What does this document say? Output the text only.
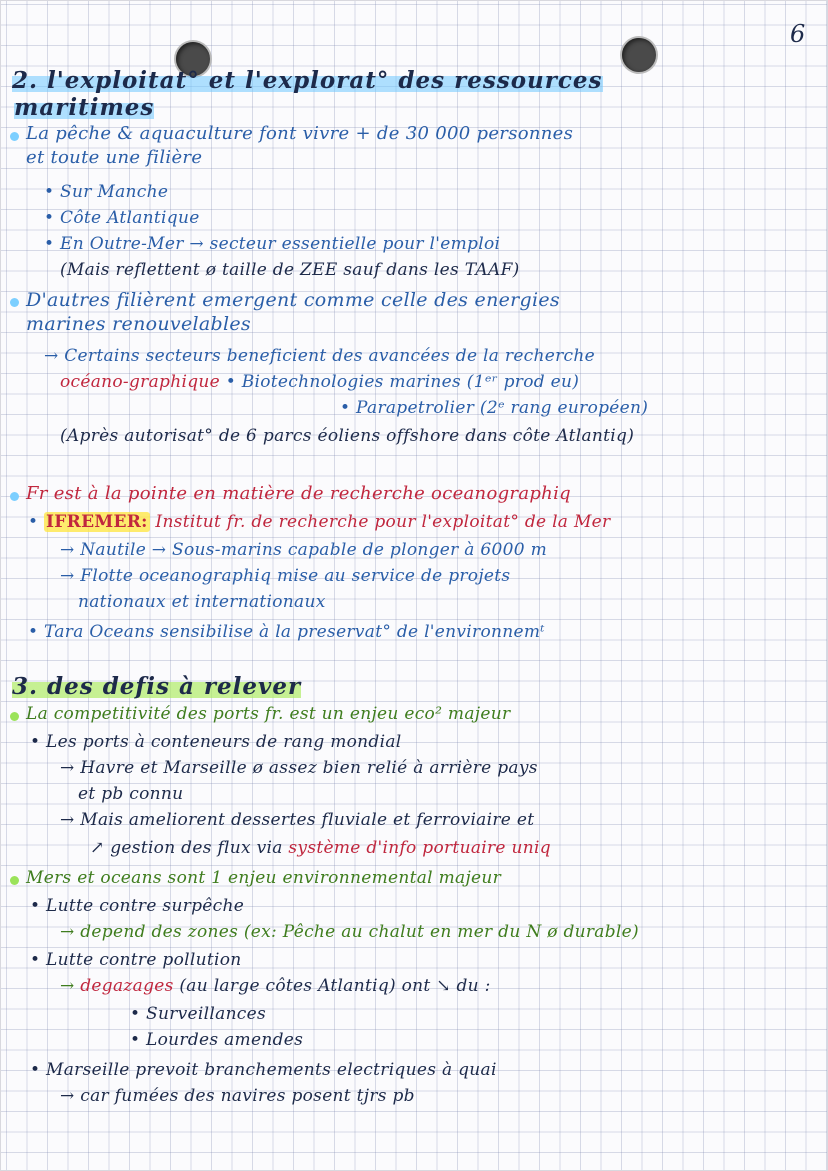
6
2. l'exploitat° et l'explorat° des ressources
maritimes
La pêche & aquaculture font vivre + de 30 000 personnes
et toute une filière
• Sur Manche
• Côte Atlantique
• En Outre-Mer → secteur essentielle pour l'emploi
(Mais reflettent ø taille de ZEE sauf dans les TAAF)
D'autres filièrent emergent comme celle des energies
marines renouvelables
→ Certains secteurs beneficient des avancées de la recherche
océano-graphique • Biotechnologies marines (1ᵉʳ prod eu)
• Parapetrolier (2ᵉ rang européen)
(Après autorisat° de 6 parcs éoliens offshore dans côte Atlantiq)
Fr est à la pointe en matière de recherche oceanographiq
• IFREMER: Institut fr. de recherche pour l'exploitat° de la Mer
→ Nautile → Sous-marins capable de plonger à 6000 m
→ Flotte oceanographiq mise au service de projets
nationaux et internationaux
• Tara Oceans sensibilise à la preservat° de l'environnemᵗ
3. des defis à relever
La competitivité des ports fr. est un enjeu eco² majeur
• Les ports à conteneurs de rang mondial
→ Havre et Marseille ø assez bien relié à arrière pays
et pb connu
→ Mais ameliorent dessertes fluviale et ferroviaire et
↗ gestion des flux via système d'info portuaire uniq
Mers et oceans sont 1 enjeu environnemental majeur
• Lutte contre surpêche
→ depend des zones (ex: Pêche au chalut en mer du N ø durable)
• Lutte contre pollution
→ degazages (au large côtes Atlantiq) ont ↘ du :
• Surveillances
• Lourdes amendes
• Marseille prevoit branchements electriques à quai
→ car fumées des navires posent tjrs pb
